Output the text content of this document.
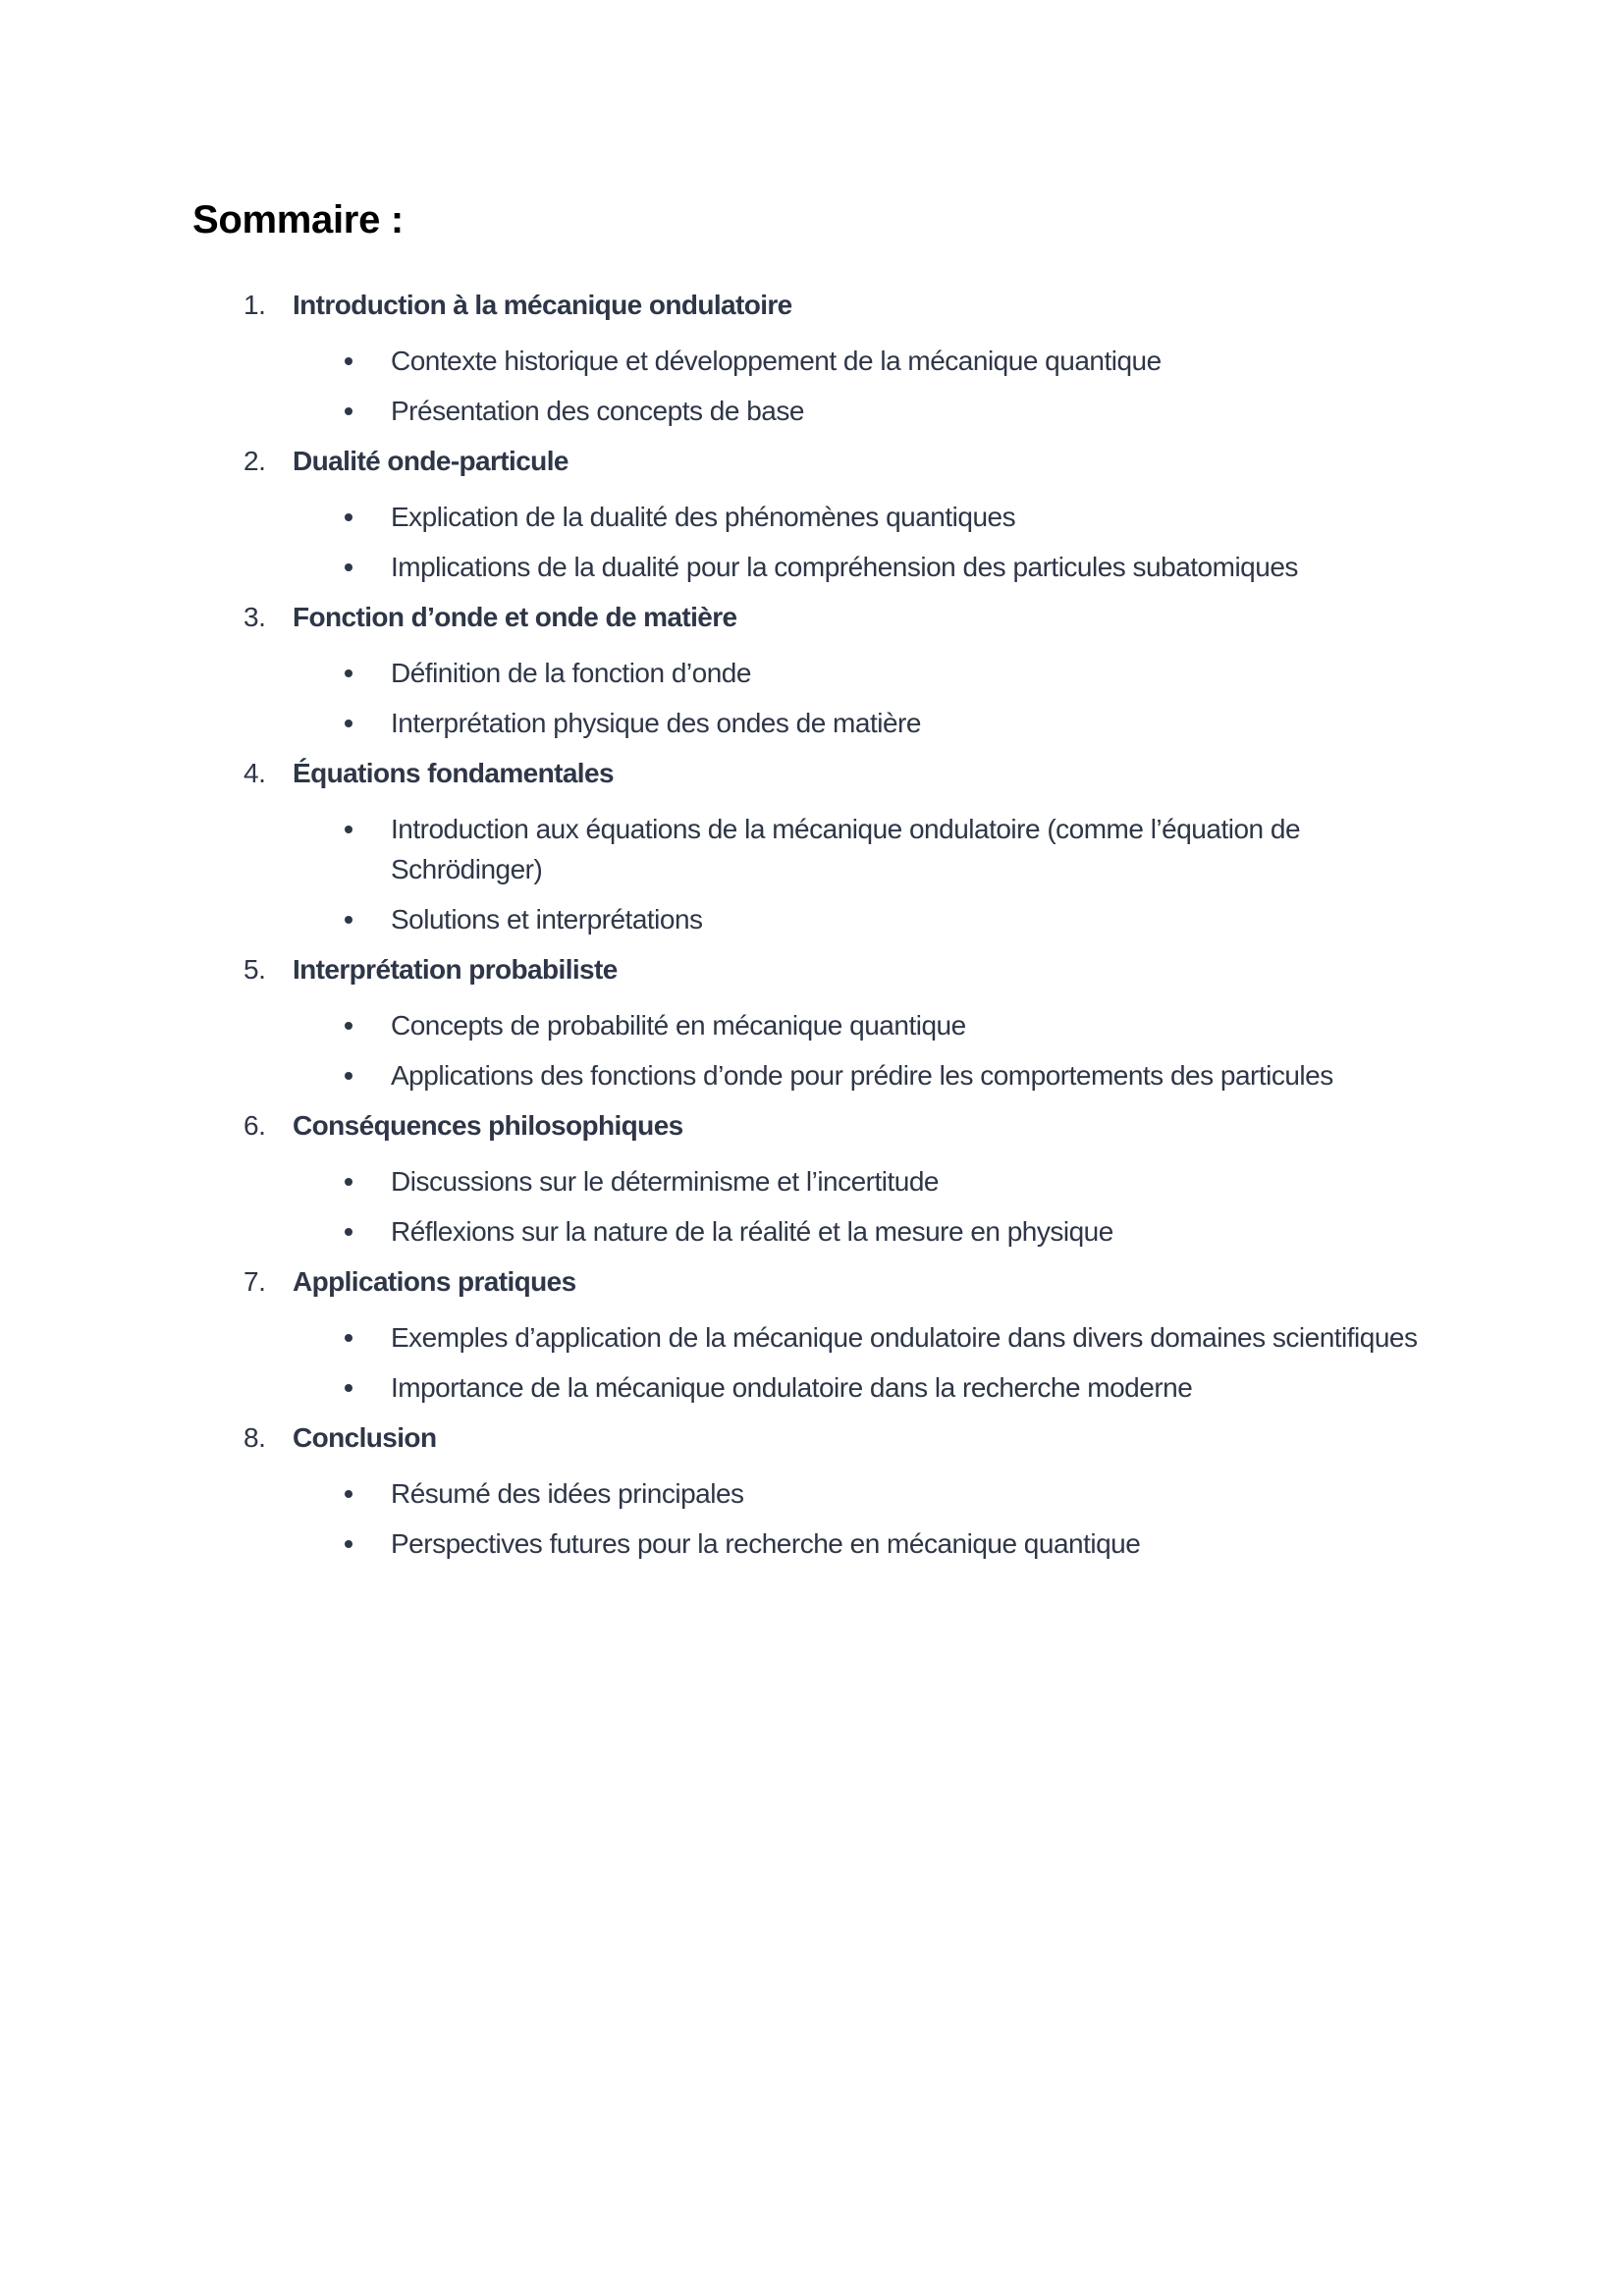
Sommaire :
1. Introduction à la mécanique ondulatoire
Contexte historique et développement de la mécanique quantique
Présentation des concepts de base
2. Dualité onde-particule
Explication de la dualité des phénomènes quantiques
Implications de la dualité pour la compréhension des particules subatomiques
3. Fonction d’onde et onde de matière
Définition de la fonction d’onde
Interprétation physique des ondes de matière
4. Équations fondamentales
Introduction aux équations de la mécanique ondulatoire (comme l’équation de Schrödinger)
Solutions et interprétations
5. Interprétation probabiliste
Concepts de probabilité en mécanique quantique
Applications des fonctions d’onde pour prédire les comportements des particules
6. Conséquences philosophiques
Discussions sur le déterminisme et l’incertitude
Réflexions sur la nature de la réalité et la mesure en physique
7. Applications pratiques
Exemples d’application de la mécanique ondulatoire dans divers domaines scientifiques
Importance de la mécanique ondulatoire dans la recherche moderne
8. Conclusion
Résumé des idées principales
Perspectives futures pour la recherche en mécanique quantique
